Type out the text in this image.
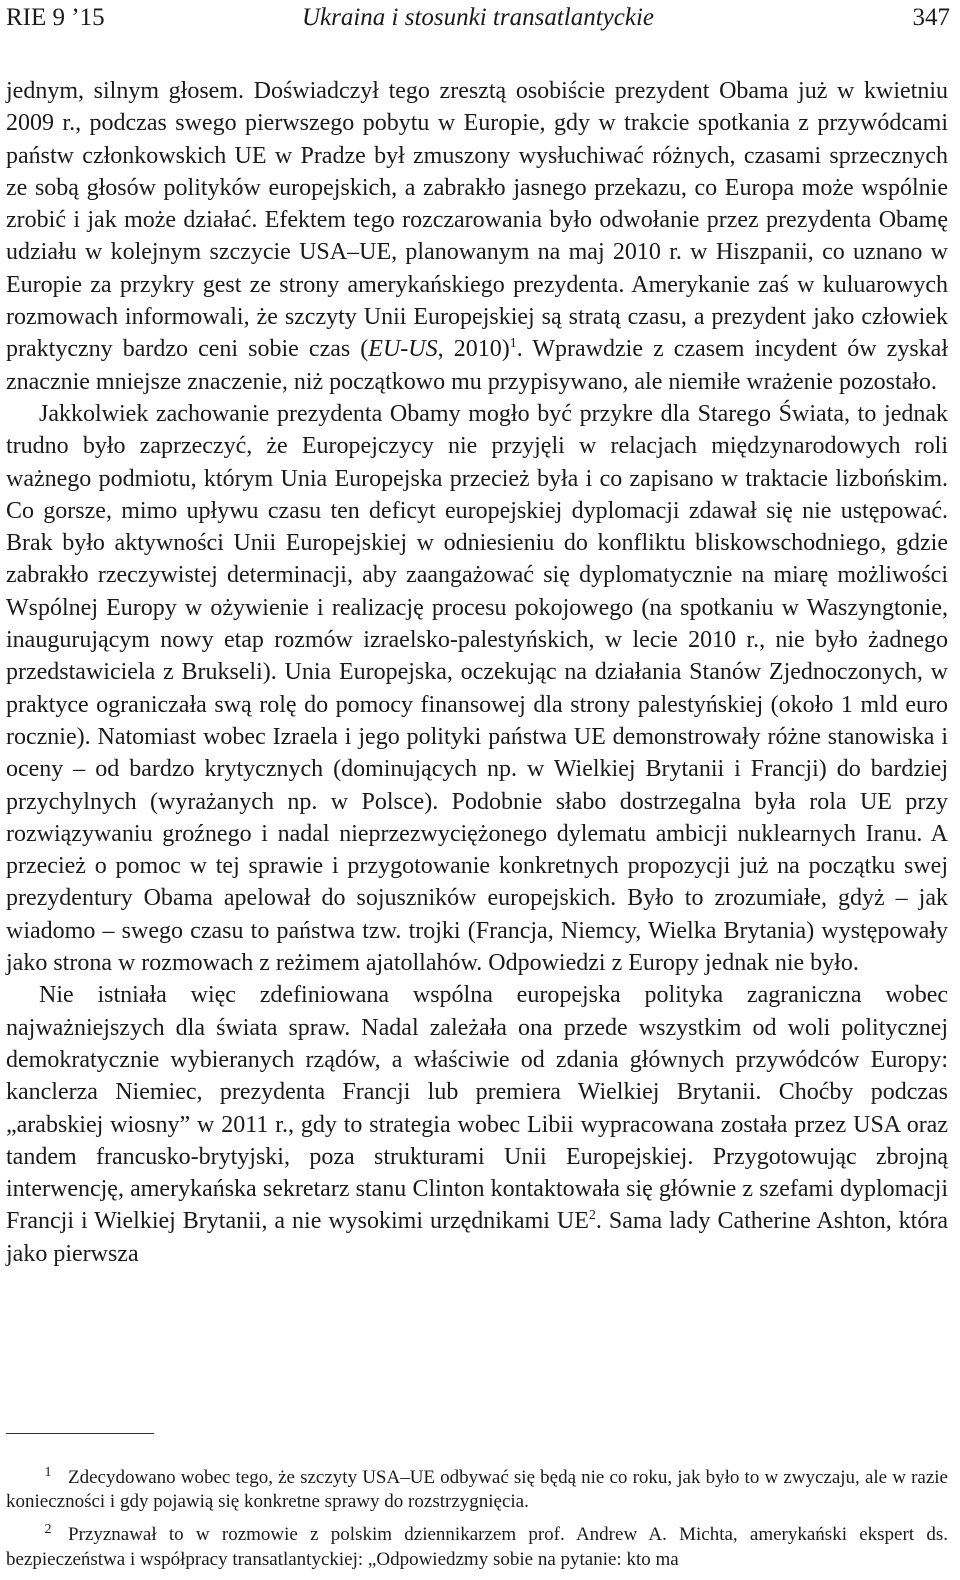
RIE 9 ’15	Ukraina i stosunki transatlantyckie	347

jednym, silnym głosem. Doświadczył tego zresztą osobiście prezydent Obama już w kwietniu 2009 r., podczas swego pierwszego pobytu w Europie, gdy w trakcie spotkania z przywódcami państw członkowskich UE w Pradze był zmuszony wysłuchiwać różnych, czasami sprzecznych ze sobą głosów polityków europejskich, a zabrakło jasnego przekazu, co Europa może wspólnie zrobić i jak może działać. Efektem tego rozczarowania było odwołanie przez prezydenta Obamę udziału w kolejnym szczycie USA–UE, planowanym na maj 2010 r. w Hiszpanii, co uznano w Europie za przykry gest ze strony amerykańskiego prezydenta. Amerykanie zaś w kuluarowych rozmowach informowali, że szczyty Unii Europejskiej są stratą czasu, a prezydent jako człowiek praktyczny bardzo ceni sobie czas (EU-US, 2010)$^1$. Wprawdzie z czasem incydent ów zyskał znacznie mniejsze znaczenie, niż początkowo mu przypisywano, ale niemiłe wrażenie pozostało.

Jakkolwiek zachowanie prezydenta Obamy mogło być przykre dla Starego Świata, to jednak trudno było zaprzeczyć, że Europejczycy nie przyjęli w relacjach międzynarodowych roli ważnego podmiotu, którym Unia Europejska przecież była i co zapisano w traktacie lizbońskim. Co gorsze, mimo upływu czasu ten deficyt europejskiej dyplomacji zdawał się nie ustępować. Brak było aktywności Unii Europejskiej w odniesieniu do konfliktu bliskowschodniego, gdzie zabrakło rzeczywistej determinacji, aby zaangażować się dyplomatycznie na miarę możliwości Wspólnej Europy w ożywienie i realizację procesu pokojowego (na spotkaniu w Waszyngtonie, inaugurującym nowy etap rozmów izraelsko-palestyńskich, w lecie 2010 r., nie było żadnego przedstawiciela z Brukseli). Unia Europejska, oczekując na działania Stanów Zjednoczonych, w praktyce ograniczała swą rolę do pomocy finansowej dla strony palestyńskiej (około 1 mld euro rocznie). Natomiast wobec Izraela i jego polityki państwa UE demonstrowały różne stanowiska i oceny – od bardzo krytycznych (dominujących np. w Wielkiej Brytanii i Francji) do bardziej przychylnych (wyrażanych np. w Polsce). Podobnie słabo dostrzegalna była rola UE przy rozwiązywaniu groźnego i nadal nieprzezwyciężonego dylematu ambicji nuklearnych Iranu. A przecież o pomoc w tej sprawie i przygotowanie konkretnych propozycji już na początku swej prezydentury Obama apelował do sojuszników europejskich. Było to zrozumiałe, gdyż – jak wiadomo – swego czasu to państwa tzw. trojki (Francja, Niemcy, Wielka Brytania) występowały jako strona w rozmowach z reżimem ajatollahów. Odpowiedzi z Europy jednak nie było.

Nie istniała więc zdefiniowana wspólna europejska polityka zagraniczna wobec najważniejszych dla świata spraw. Nadal zależała ona przede wszystkim od woli politycznej demokratycznie wybieranych rządów, a właściwie od zdania głównych przywódców Europy: kanclerza Niemiec, prezydenta Francji lub premiera Wielkiej Brytanii. Choćby podczas „arabskiej wiosny” w 2011 r., gdy to strategia wobec Libii wypracowana została przez USA oraz tandem francusko-brytyjski, poza strukturami Unii Europejskiej. Przygotowując zbrojną interwencję, amerykańska sekretarz stanu Clinton kontaktowała się głównie z szefami dyplomacji Francji i Wielkiej Brytanii, a nie wysokimi urzędnikami $UE^2$. Sama lady Catherine Ashton, która jako pierwsza

1 Zdecydowano wobec tego, że szczyty USA–UE odbywać się będą nie co roku, jak było to w zwyczaju, ale w razie konieczności i gdy pojawią się konkretne sprawy do rozstrzygnięcia.

2 Przyznawał to w rozmowie z polskim dziennikarzem prof. Andrew A. Michta, amerykański ekspert ds. bezpieczeństwa i współpracy transatlantyckiej: „Odpowiedzmy sobie na pytanie: kto ma
